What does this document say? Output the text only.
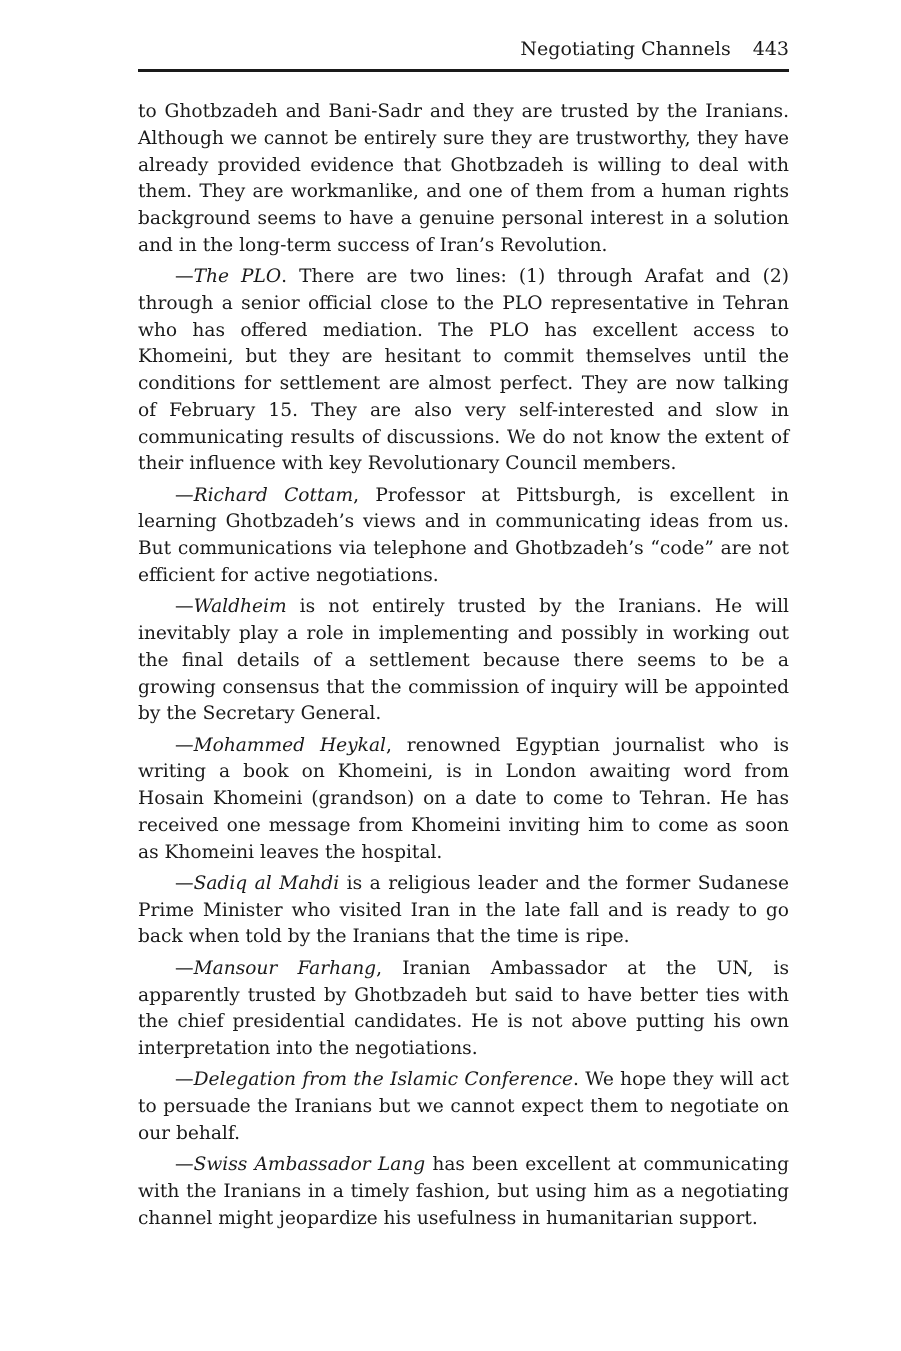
Negotiating Channels 443

to Ghotbzadeh and Bani-Sadr and they are trusted by the Iranians. Although we cannot be entirely sure they are trustworthy, they have already provided evidence that Ghotbzadeh is willing to deal with them. They are workmanlike, and one of them from a human rights background seems to have a genuine personal interest in a solution and in the long-term success of Iran’s Revolution.

—The PLO. There are two lines: (1) through Arafat and (2) through a senior official close to the PLO representative in Tehran who has offered mediation. The PLO has excellent access to Khomeini, but they are hesitant to commit themselves until the conditions for settlement are almost perfect. They are now talking of February 15. They are also very self-interested and slow in communicating results of discussions. We do not know the extent of their influence with key Revolutionary Council members.

—Richard Cottam, Professor at Pittsburgh, is excellent in learning Ghotbzadeh’s views and in communicating ideas from us. But communications via telephone and Ghotbzadeh’s “code” are not efficient for active negotiations.

—Waldheim is not entirely trusted by the Iranians. He will inevitably play a role in implementing and possibly in working out the final details of a settlement because there seems to be a growing consensus that the commission of inquiry will be appointed by the Secretary General.

—Mohammed Heykal, renowned Egyptian journalist who is writing a book on Khomeini, is in London awaiting word from Hosain Khomeini (grandson) on a date to come to Tehran. He has received one message from Khomeini inviting him to come as soon as Khomeini leaves the hospital.

—Sadiq al Mahdi is a religious leader and the former Sudanese Prime Minister who visited Iran in the late fall and is ready to go back when told by the Iranians that the time is ripe.

—Mansour Farhang, Iranian Ambassador at the UN, is apparently trusted by Ghotbzadeh but said to have better ties with the chief presidential candidates. He is not above putting his own interpretation into the negotiations.

—Delegation from the Islamic Conference. We hope they will act to persuade the Iranians but we cannot expect them to negotiate on our behalf.

—Swiss Ambassador Lang has been excellent at communicating with the Iranians in a timely fashion, but using him as a negotiating channel might jeopardize his usefulness in humanitarian support.
